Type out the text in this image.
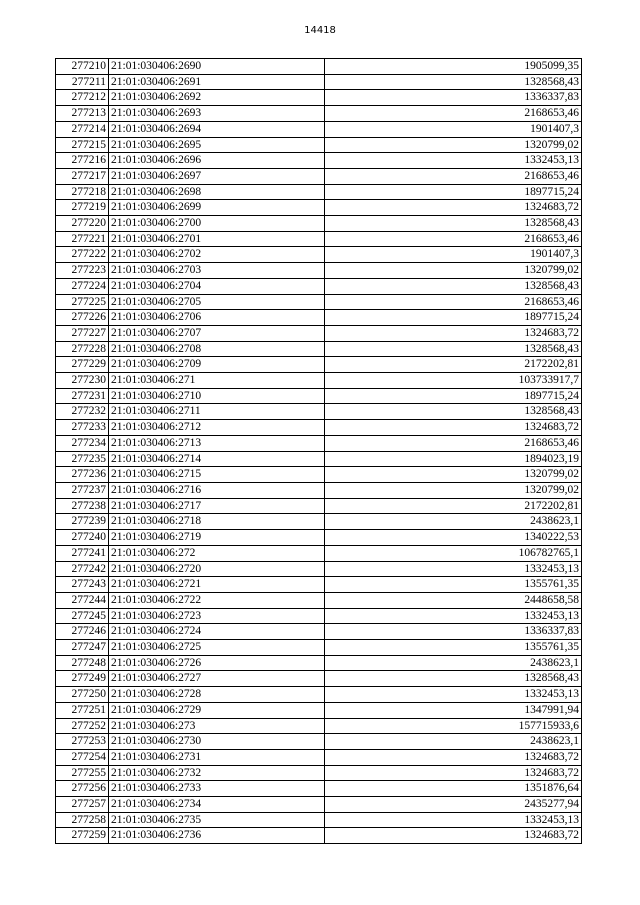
14418
277210	21:01:030406:2690	1905099,35
277211	21:01:030406:2691	1328568,43
277212	21:01:030406:2692	1336337,83
277213	21:01:030406:2693	2168653,46
277214	21:01:030406:2694	1901407,3
277215	21:01:030406:2695	1320799,02
277216	21:01:030406:2696	1332453,13
277217	21:01:030406:2697	2168653,46
277218	21:01:030406:2698	1897715,24
277219	21:01:030406:2699	1324683,72
277220	21:01:030406:2700	1328568,43
277221	21:01:030406:2701	2168653,46
277222	21:01:030406:2702	1901407,3
277223	21:01:030406:2703	1320799,02
277224	21:01:030406:2704	1328568,43
277225	21:01:030406:2705	2168653,46
277226	21:01:030406:2706	1897715,24
277227	21:01:030406:2707	1324683,72
277228	21:01:030406:2708	1328568,43
277229	21:01:030406:2709	2172202,81
277230	21:01:030406:271	103733917,7
277231	21:01:030406:2710	1897715,24
277232	21:01:030406:2711	1328568,43
277233	21:01:030406:2712	1324683,72
277234	21:01:030406:2713	2168653,46
277235	21:01:030406:2714	1894023,19
277236	21:01:030406:2715	1320799,02
277237	21:01:030406:2716	1320799,02
277238	21:01:030406:2717	2172202,81
277239	21:01:030406:2718	2438623,1
277240	21:01:030406:2719	1340222,53
277241	21:01:030406:272	106782765,1
277242	21:01:030406:2720	1332453,13
277243	21:01:030406:2721	1355761,35
277244	21:01:030406:2722	2448658,58
277245	21:01:030406:2723	1332453,13
277246	21:01:030406:2724	1336337,83
277247	21:01:030406:2725	1355761,35
277248	21:01:030406:2726	2438623,1
277249	21:01:030406:2727	1328568,43
277250	21:01:030406:2728	1332453,13
277251	21:01:030406:2729	1347991,94
277252	21:01:030406:273	157715933,6
277253	21:01:030406:2730	2438623,1
277254	21:01:030406:2731	1324683,72
277255	21:01:030406:2732	1324683,72
277256	21:01:030406:2733	1351876,64
277257	21:01:030406:2734	2435277,94
277258	21:01:030406:2735	1332453,13
277259	21:01:030406:2736	1324683,72
